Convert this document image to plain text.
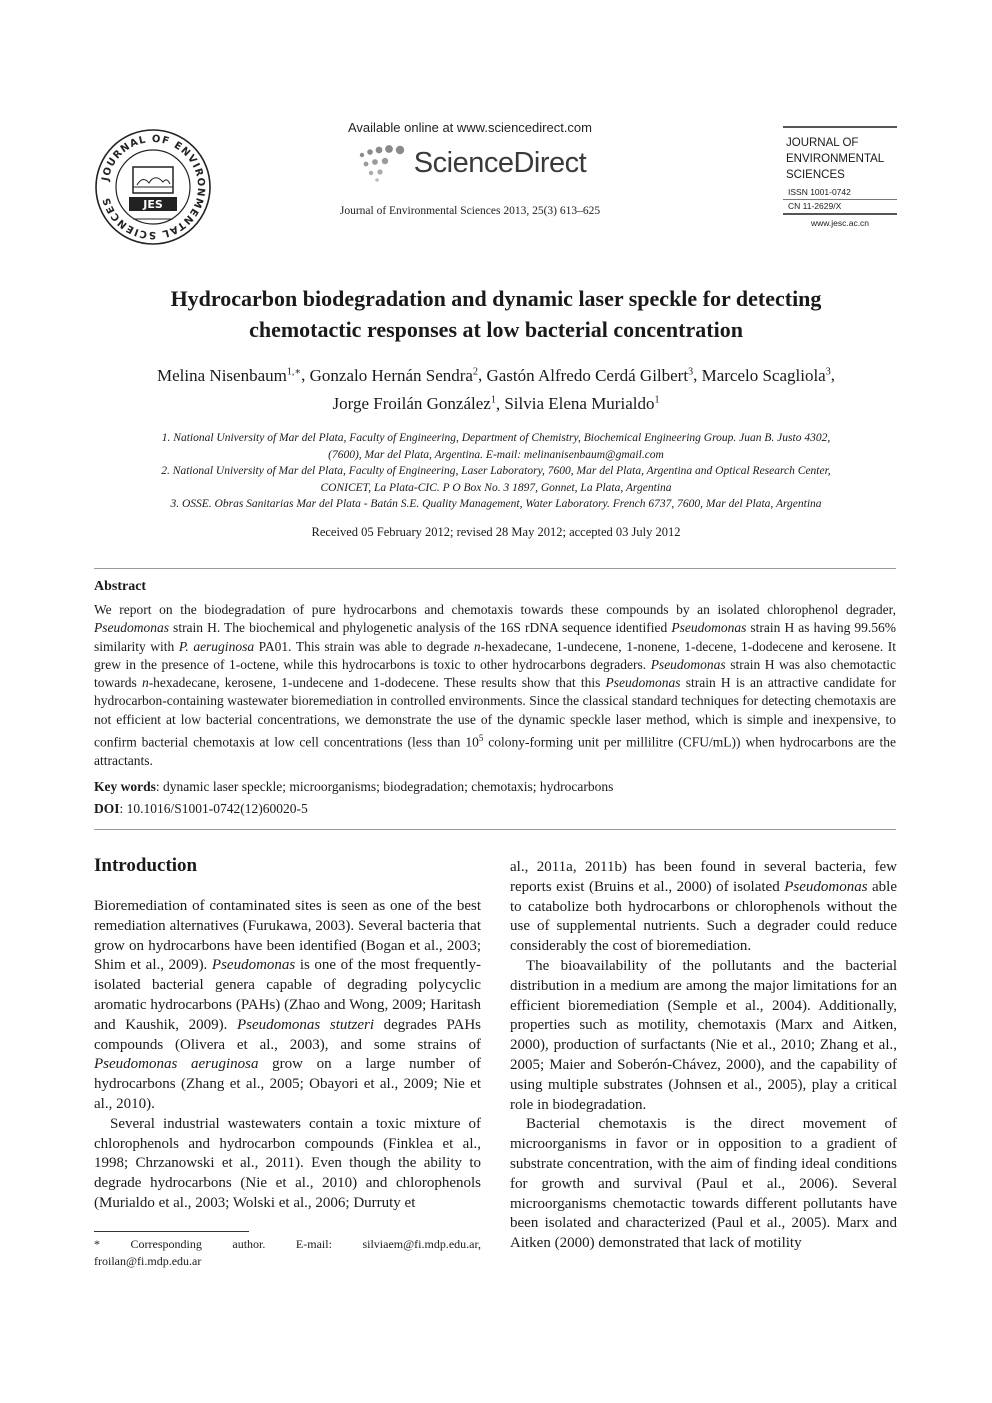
JOURNAL OF ENVIRONMENTAL SCIENCES	JES
Available online at www.sciencedirect.com
ScienceDirect
Journal of Environmental Sciences 2013, 25(3) 613–625
JOURNAL OF
ENVIRONMENTAL
SCIENCES
ISSN 1001-0742
CN 11-2629/X
www.jesc.ac.cn
Hydrocarbon biodegradation and dynamic laser speckle for detecting
chemotactic responses at low bacterial concentration
Melina Nisenbaum$^{1,∗}$, Gonzalo Hernán Sendra$^2$, Gastón Alfredo Cerdá Gilbert$^3$, Marcelo Scagliola$^3$,
Jorge Froilán González$^1$, Silvia Elena Murialdo$^1$
1. National University of Mar del Plata, Faculty of Engineering, Department of Chemistry, Biochemical Engineering Group. Juan B. Justo 4302,
(7600), Mar del Plata, Argentina. E-mail: melinanisenbaum@gmail.com
2. National University of Mar del Plata, Faculty of Engineering, Laser Laboratory, 7600, Mar del Plata, Argentina and Optical Research Center,
CONICET, La Plata-CIC. P O Box No. 3 1897, Gonnet, La Plata, Argentina
3. OSSE. Obras Sanitarias Mar del Plata - Batán S.E. Quality Management, Water Laboratory. French 6737, 7600, Mar del Plata, Argentina
Received 05 February 2012; revised 28 May 2012; accepted 03 July 2012
Abstract
We report on the biodegradation of pure hydrocarbons and chemotaxis towards these compounds by an isolated chlorophenol degrader, Pseudomonas strain H. The biochemical and phylogenetic analysis of the 16S rDNA sequence identified Pseudomonas strain H as having 99.56% similarity with P. aeruginosa PA01. This strain was able to degrade n-hexadecane, 1-undecene, 1-nonene, 1-decene, 1-dodecene and kerosene. It grew in the presence of 1-octene, while this hydrocarbons is toxic to other hydrocarbons degraders. Pseudomonas strain H was also chemotactic towards n-hexadecane, kerosene, 1-undecene and 1-dodecene. These results show that this Pseudomonas strain H is an attractive candidate for hydrocarbon-containing wastewater bioremediation in controlled environments. Since the classical standard techniques for detecting chemotaxis are not efficient at low bacterial concentrations, we demonstrate the use of the dynamic speckle laser method, which is simple and inexpensive, to confirm bacterial chemotaxis at low cell concentrations (less than $10^5$ colony-forming unit per millilitre (CFU/mL)) when hydrocarbons are the attractants.
Key words: dynamic laser speckle; microorganisms; biodegradation; chemotaxis; hydrocarbons
DOI: 10.1016/S1001-0742(12)60020-5
Introduction

Bioremediation of contaminated sites is seen as one of the best remediation alternatives (Furukawa, 2003). Several bacteria that grow on hydrocarbons have been identified (Bogan et al., 2003; Shim et al., 2009). Pseudomonas is one of the most frequently-isolated bacterial genera capable of degrading polycyclic aromatic hydrocarbons (PAHs) (Zhao and Wong, 2009; Haritash and Kaushik, 2009). Pseudomonas stutzeri degrades PAHs compounds (Olivera et al., 2003), and some strains of Pseudomonas aeruginosa grow on a large number of hydrocarbons (Zhang et al., 2005; Obayori et al., 2009; Nie et al., 2010).

Several industrial wastewaters contain a toxic mixture of chlorophenols and hydrocarbon compounds (Finklea et al., 1998; Chrzanowski et al., 2011). Even though the ability to degrade hydrocarbons (Nie et al., 2010) and chlorophenols (Murialdo et al., 2003; Wolski et al., 2006; Durruty et

* Corresponding author. E-mail: silviaem@fi.mdp.edu.ar, froilan@fi.mdp.edu.ar

al., 2011a, 2011b) has been found in several bacteria, few reports exist (Bruins et al., 2000) of isolated Pseudomonas able to catabolize both hydrocarbons or chlorophenols without the use of supplemental nutrients. Such a degrader could reduce considerably the cost of bioremediation.

The bioavailability of the pollutants and the bacterial distribution in a medium are among the major limitations for an efficient bioremediation (Semple et al., 2004). Additionally, properties such as motility, chemotaxis (Marx and Aitken, 2000), production of surfactants (Nie et al., 2010; Zhang et al., 2005; Maier and Soberón-Chávez, 2000), and the capability of using multiple substrates (Johnsen et al., 2005), play a critical role in biodegradation.

Bacterial chemotaxis is the direct movement of microorganisms in favor or in opposition to a gradient of substrate concentration, with the aim of finding ideal conditions for growth and survival (Paul et al., 2006). Several microorganisms chemotactic towards different pollutants have been isolated and characterized (Paul et al., 2005). Marx and Aitken (2000) demonstrated that lack of motility
